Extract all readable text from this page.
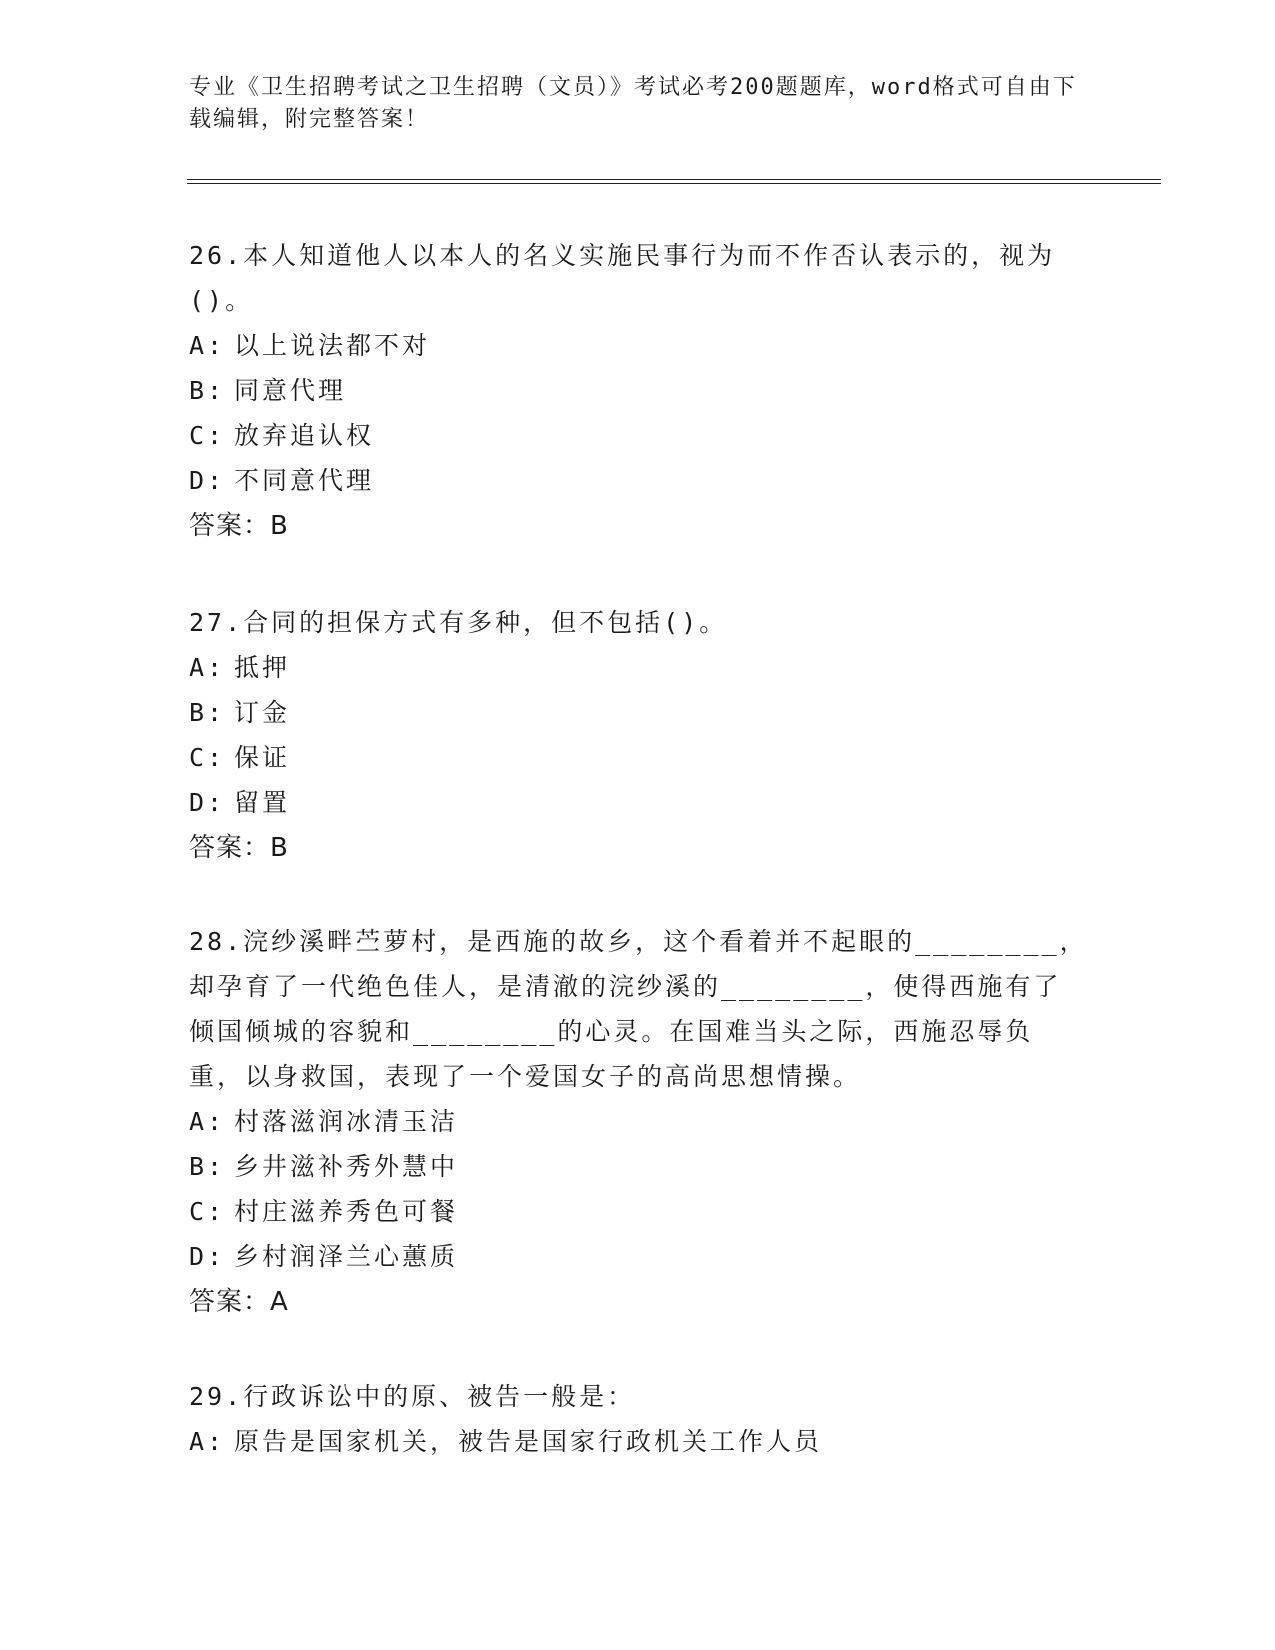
专业《卫生招聘考试之卫生招聘（文员）》考试必考200题题库，word格式可自由下载编辑，附完整答案！

26.本人知道他人以本人的名义实施民事行为而不作否认表示的，视为()。

A: 以上说法都不对

B: 同意代理

C: 放弃追认权

D: 不同意代理

答案：B

27.合同的担保方式有多种，但不包括()。

A: 抵押

B: 订金

C: 保证

D: 留置

答案：B

28.浣纱溪畔苎萝村，是西施的故乡，这个看着并不起眼的________，却孕育了一代绝色佳人，是清澈的浣纱溪的________，使得西施有了倾国倾城的容貌和________的心灵。在国难当头之际，西施忍辱负重，以身救国，表现了一个爱国女子的高尚思想情操。

A: 村落滋润冰清玉洁

B: 乡井滋补秀外慧中

C: 村庄滋养秀色可餐

D: 乡村润泽兰心蕙质

答案：A

29.行政诉讼中的原、被告一般是：

A: 原告是国家机关，被告是国家行政机关工作人员
